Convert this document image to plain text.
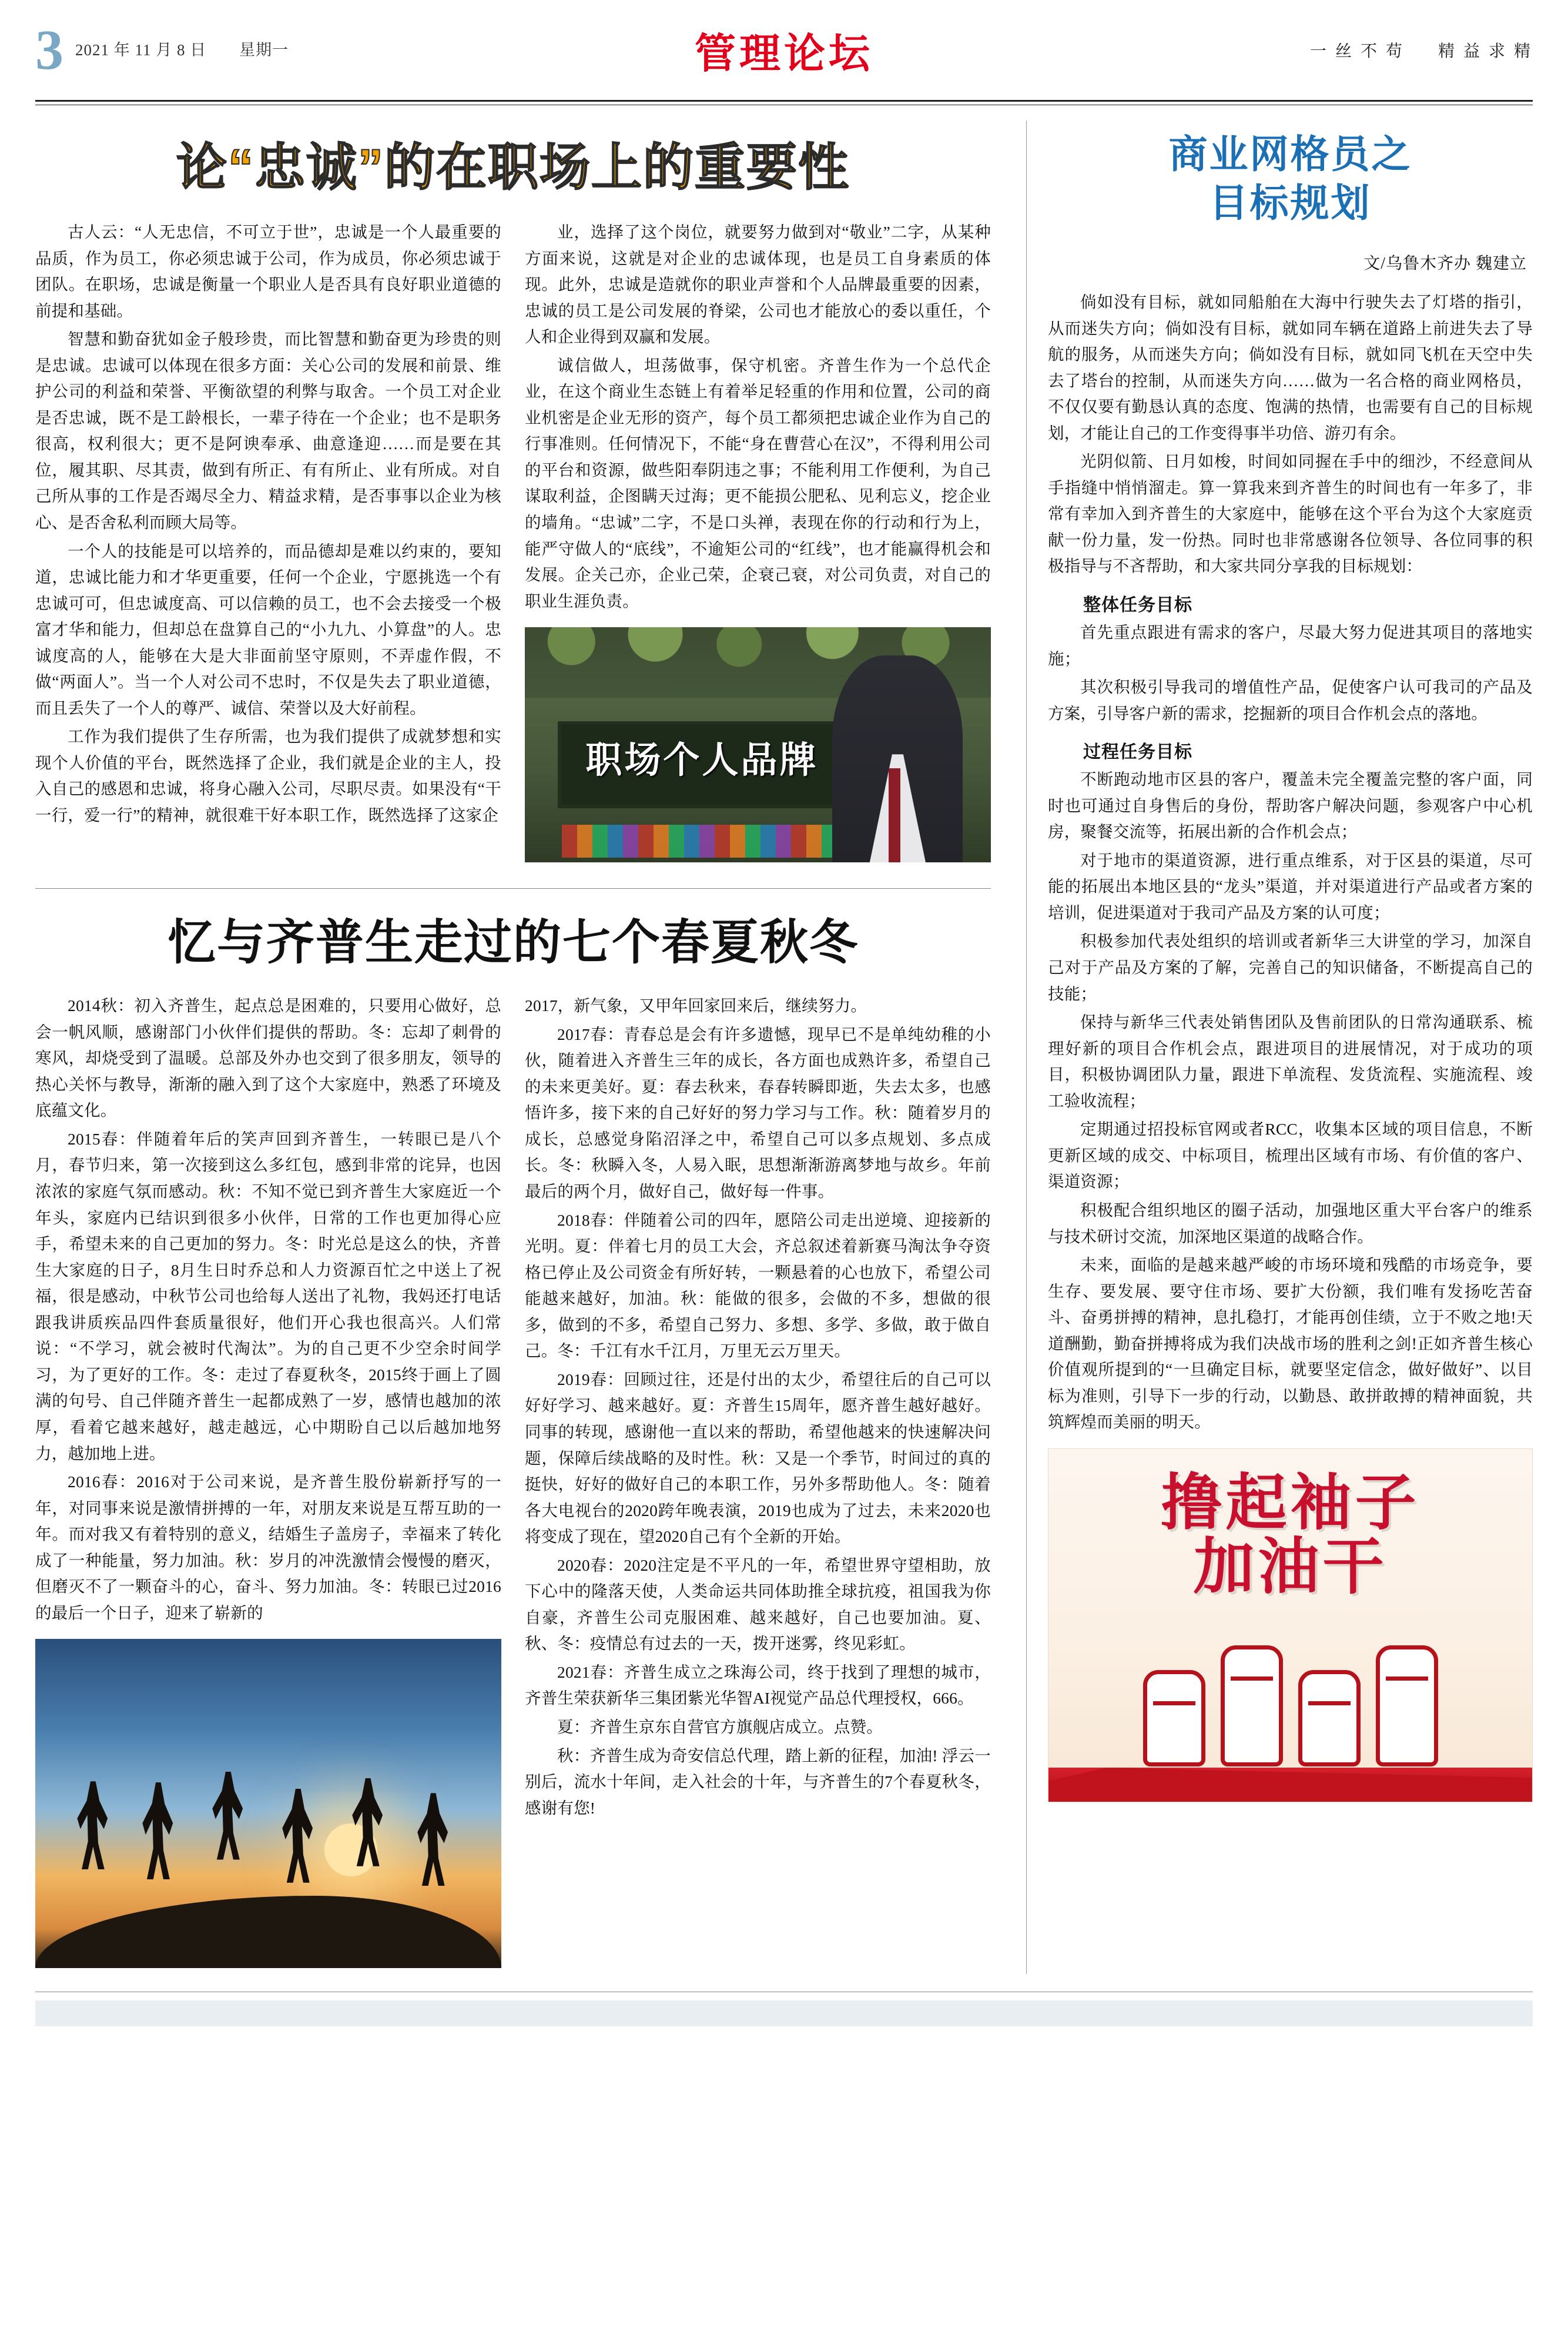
3 2021 年 11 月 8 日 星期一	管理论坛	一 丝 不 苟 精 益 求 精
论“忠诚”的在职场上的重要性

古人云：“人无忠信，不可立于世”，忠诚是一个人最重要的品质，作为员工，你必须忠诚于公司，作为成员，你必须忠诚于团队。在职场，忠诚是衡量一个职业人是否具有良好职业道德的前提和基础。

智慧和勤奋犹如金子般珍贵，而比智慧和勤奋更为珍贵的则是忠诚。忠诚可以体现在很多方面：关心公司的发展和前景、维护公司的利益和荣誉、平衡欲望的利弊与取舍。一个员工对企业是否忠诚，既不是工龄根长，一辈子待在一个企业；也不是职务很高，权利很大；更不是阿谀奉承、曲意逢迎……而是要在其位，履其职、尽其责，做到有所正、有有所止、业有所成。对自己所从事的工作是否竭尽全力、精益求精，是否事事以企业为核心、是否舍私利而顾大局等。

一个人的技能是可以培养的，而品德却是难以约束的，要知道，忠诚比能力和才华更重要，任何一个企业，宁愿挑选一个有忠诚可可，但忠诚度高、可以信赖的员工，也不会去接受一个极富才华和能力，但却总在盘算自己的“小九九、小算盘”的人。忠诚度高的人，能够在大是大非面前坚守原则，不弄虚作假，不做“两面人”。当一个人对公司不忠时，不仅是失去了职业道德，而且丢失了一个人的尊严、诚信、荣誉以及大好前程。

工作为我们提供了生存所需，也为我们提供了成就梦想和实现个人价值的平台，既然选择了企业，我们就是企业的主人，投入自己的感恩和忠诚，将身心融入公司，尽职尽责。如果没有“干一行，爱一行”的精神，就很难干好本职工作，既然选择了这家企

业，选择了这个岗位，就要努力做到对“敬业”二字，从某种方面来说，这就是对企业的忠诚体现，也是员工自身素质的体现。此外，忠诚是造就你的职业声誉和个人品牌最重要的因素，忠诚的员工是公司发展的脊梁，公司也才能放心的委以重任，个人和企业得到双赢和发展。

诚信做人，坦荡做事，保守机密。齐普生作为一个总代企业，在这个商业生态链上有着举足轻重的作用和位置，公司的商业机密是企业无形的资产，每个员工都须把忠诚企业作为自己的行事准则。任何情况下，不能“身在曹营心在汉”，不得利用公司的平台和资源，做些阳奉阴违之事；不能利用工作便利，为自己谋取利益，企图瞒天过海；更不能损公肥私、见利忘义，挖企业的墙角。“忠诚”二字，不是口头禅，表现在你的行动和行为上，能严守做人的“底线”，不逾矩公司的“红线”，也才能赢得机会和发展。企关己亦，企业己荣，企衰己衰，对公司负责，对自己的职业生涯负责。

职场个人品牌
忆与齐普生走过的七个春夏秋冬

2014秋：初入齐普生，起点总是困难的，只要用心做好，总会一帆风顺，感谢部门小伙伴们提供的帮助。冬：忘却了刺骨的寒风，却烧受到了温暖。总部及外办也交到了很多朋友，领导的热心关怀与教导，渐渐的融入到了这个大家庭中，熟悉了环境及底蕴文化。

2015春：伴随着年后的笑声回到齐普生，一转眼已是八个月，春节归来，第一次接到这么多红包，感到非常的诧异，也因浓浓的家庭气氛而感动。秋：不知不觉已到齐普生大家庭近一个年头，家庭内已结识到很多小伙伴，日常的工作也更加得心应手，希望未来的自己更加的努力。冬：时光总是这么的快，齐普生大家庭的日子，8月生日时乔总和人力资源百忙之中送上了祝福，很是感动，中秋节公司也给每人送出了礼物，我妈还打电话跟我讲质疾品四件套质量很好，他们开心我也很高兴。人们常说：“不学习，就会被时代淘汰”。为的自己更不少空余时间学习，为了更好的工作。冬：走过了春夏秋冬，2015终于画上了圆满的句号、自己伴随齐普生一起都成熟了一岁，感情也越加的浓厚，看着它越来越好，越走越远，心中期盼自己以后越加地努力，越加地上进。

2016春：2016对于公司来说，是齐普生股份崭新抒写的一年，对同事来说是激情拼搏的一年，对朋友来说是互帮互助的一年。而对我又有着特别的意义，结婚生子盖房子，幸福来了转化成了一种能量，努力加油。秋：岁月的冲洗激情会慢慢的磨灭，但磨灭不了一颗奋斗的心，奋斗、努力加油。冬：转眼已过2016的最后一个日子，迎来了崭新的

2017，新气象，又甲年回家回来后，继续努力。

2017春：青春总是会有许多遗憾，现早已不是单纯幼稚的小伙，随着进入齐普生三年的成长，各方面也成熟许多，希望自己的未来更美好。夏：春去秋来，春春转瞬即逝，失去太多，也感悟许多，接下来的自己好好的努力学习与工作。秋：随着岁月的成长，总感觉身陷沼泽之中，希望自己可以多点规划、多点成长。冬：秋瞬入冬，人易入眠，思想渐渐游离梦地与故乡。年前最后的两个月，做好自己，做好每一件事。

2018春：伴随着公司的四年，愿陪公司走出逆境、迎接新的光明。夏：伴着七月的员工大会，齐总叙述着新赛马淘汰争夺资格已停止及公司资金有所好转，一颗悬着的心也放下，希望公司能越来越好，加油。秋：能做的很多，会做的不多，想做的很多，做到的不多，希望自己努力、多想、多学、多做，敢于做自己。冬：千江有水千江月，万里无云万里天。

2019春：回顾过往，还是付出的太少，希望往后的自己可以好好学习、越来越好。夏：齐普生15周年，愿齐普生越好越好。同事的转现，感谢他一直以来的帮助，希望他越来的快速解决问题，保障后续战略的及时性。秋：又是一个季节，时间过的真的挺快，好好的做好自己的本职工作，另外多帮助他人。冬：随着各大电视台的2020跨年晚表演，2019也成为了过去，未来2020也将变成了现在，望2020自己有个全新的开始。

2020春：2020注定是不平凡的一年，希望世界守望相助，放下心中的隆落天使，人类命运共同体助推全球抗疫，祖国我为你自豪，齐普生公司克服困难、越来越好，自己也要加油。夏、秋、冬：疫情总有过去的一天，拨开迷雾，终见彩虹。

2021春：齐普生成立之珠海公司，终于找到了理想的城市，齐普生荣获新华三集团紫光华智AI视觉产品总代理授权，666。

夏：齐普生京东自营官方旗舰店成立。点赞。

秋：齐普生成为奇安信总代理，踏上新的征程，加油! 浮云一别后，流水十年间，走入社会的十年，与齐普生的7个春夏秋冬，感谢有您!

商业网格员之
目标规划
文/乌鲁木齐办 魏建立

倘如没有目标，就如同船舶在大海中行驶失去了灯塔的指引，从而迷失方向；倘如没有目标，就如同车辆在道路上前进失去了导航的服务，从而迷失方向；倘如没有目标，就如同飞机在天空中失去了塔台的控制，从而迷失方向……做为一名合格的商业网格员，不仅仅要有勤恳认真的态度、饱满的热情，也需要有自己的目标规划，才能让自己的工作变得事半功倍、游刃有余。

光阴似箭、日月如梭，时间如同握在手中的细沙，不经意间从手指缝中悄悄溜走。算一算我来到齐普生的时间也有一年多了，非常有幸加入到齐普生的大家庭中，能够在这个平台为这个大家庭贡献一份力量，发一份热。同时也非常感谢各位领导、各位同事的积极指导与不吝帮助，和大家共同分享我的目标规划：

整体任务目标

首先重点跟进有需求的客户，尽最大努力促进其项目的落地实施；

其次积极引导我司的增值性产品，促使客户认可我司的产品及方案，引导客户新的需求，挖掘新的项目合作机会点的落地。

过程任务目标

不断跑动地市区县的客户，覆盖未完全覆盖完整的客户面，同时也可通过自身售后的身份，帮助客户解决问题，参观客户中心机房，聚餐交流等，拓展出新的合作机会点；

对于地市的渠道资源，进行重点维系，对于区县的渠道，尽可能的拓展出本地区县的“龙头”渠道，并对渠道进行产品或者方案的培训，促进渠道对于我司产品及方案的认可度；

积极参加代表处组织的培训或者新华三大讲堂的学习，加深自己对于产品及方案的了解，完善自己的知识储备，不断提高自己的技能；

保持与新华三代表处销售团队及售前团队的日常沟通联系、梳理好新的项目合作机会点，跟进项目的进展情况，对于成功的项目，积极协调团队力量，跟进下单流程、发货流程、实施流程、竣工验收流程；

定期通过招投标官网或者RCC，收集本区域的项目信息，不断更新区域的成交、中标项目，梳理出区域有市场、有价值的客户、渠道资源；

积极配合组织地区的圈子活动，加强地区重大平台客户的维系与技术研讨交流，加深地区渠道的战略合作。

未来，面临的是越来越严峻的市场环境和残酷的市场竞争，要生存、要发展、要守住市场、要扩大份额，我们唯有发扬吃苦奋斗、奋勇拼搏的精神，息扎稳打，才能再创佳绩，立于不败之地!天道酬勤，勤奋拼搏将成为我们决战市场的胜利之剑!正如齐普生核心价值观所提到的“一旦确定目标，就要坚定信念，做好做好”、以目标为准则，引导下一步的行动，以勤恳、敢拼敢搏的精神面貌，共筑辉煌而美丽的明天。

撸起袖子
加油干
